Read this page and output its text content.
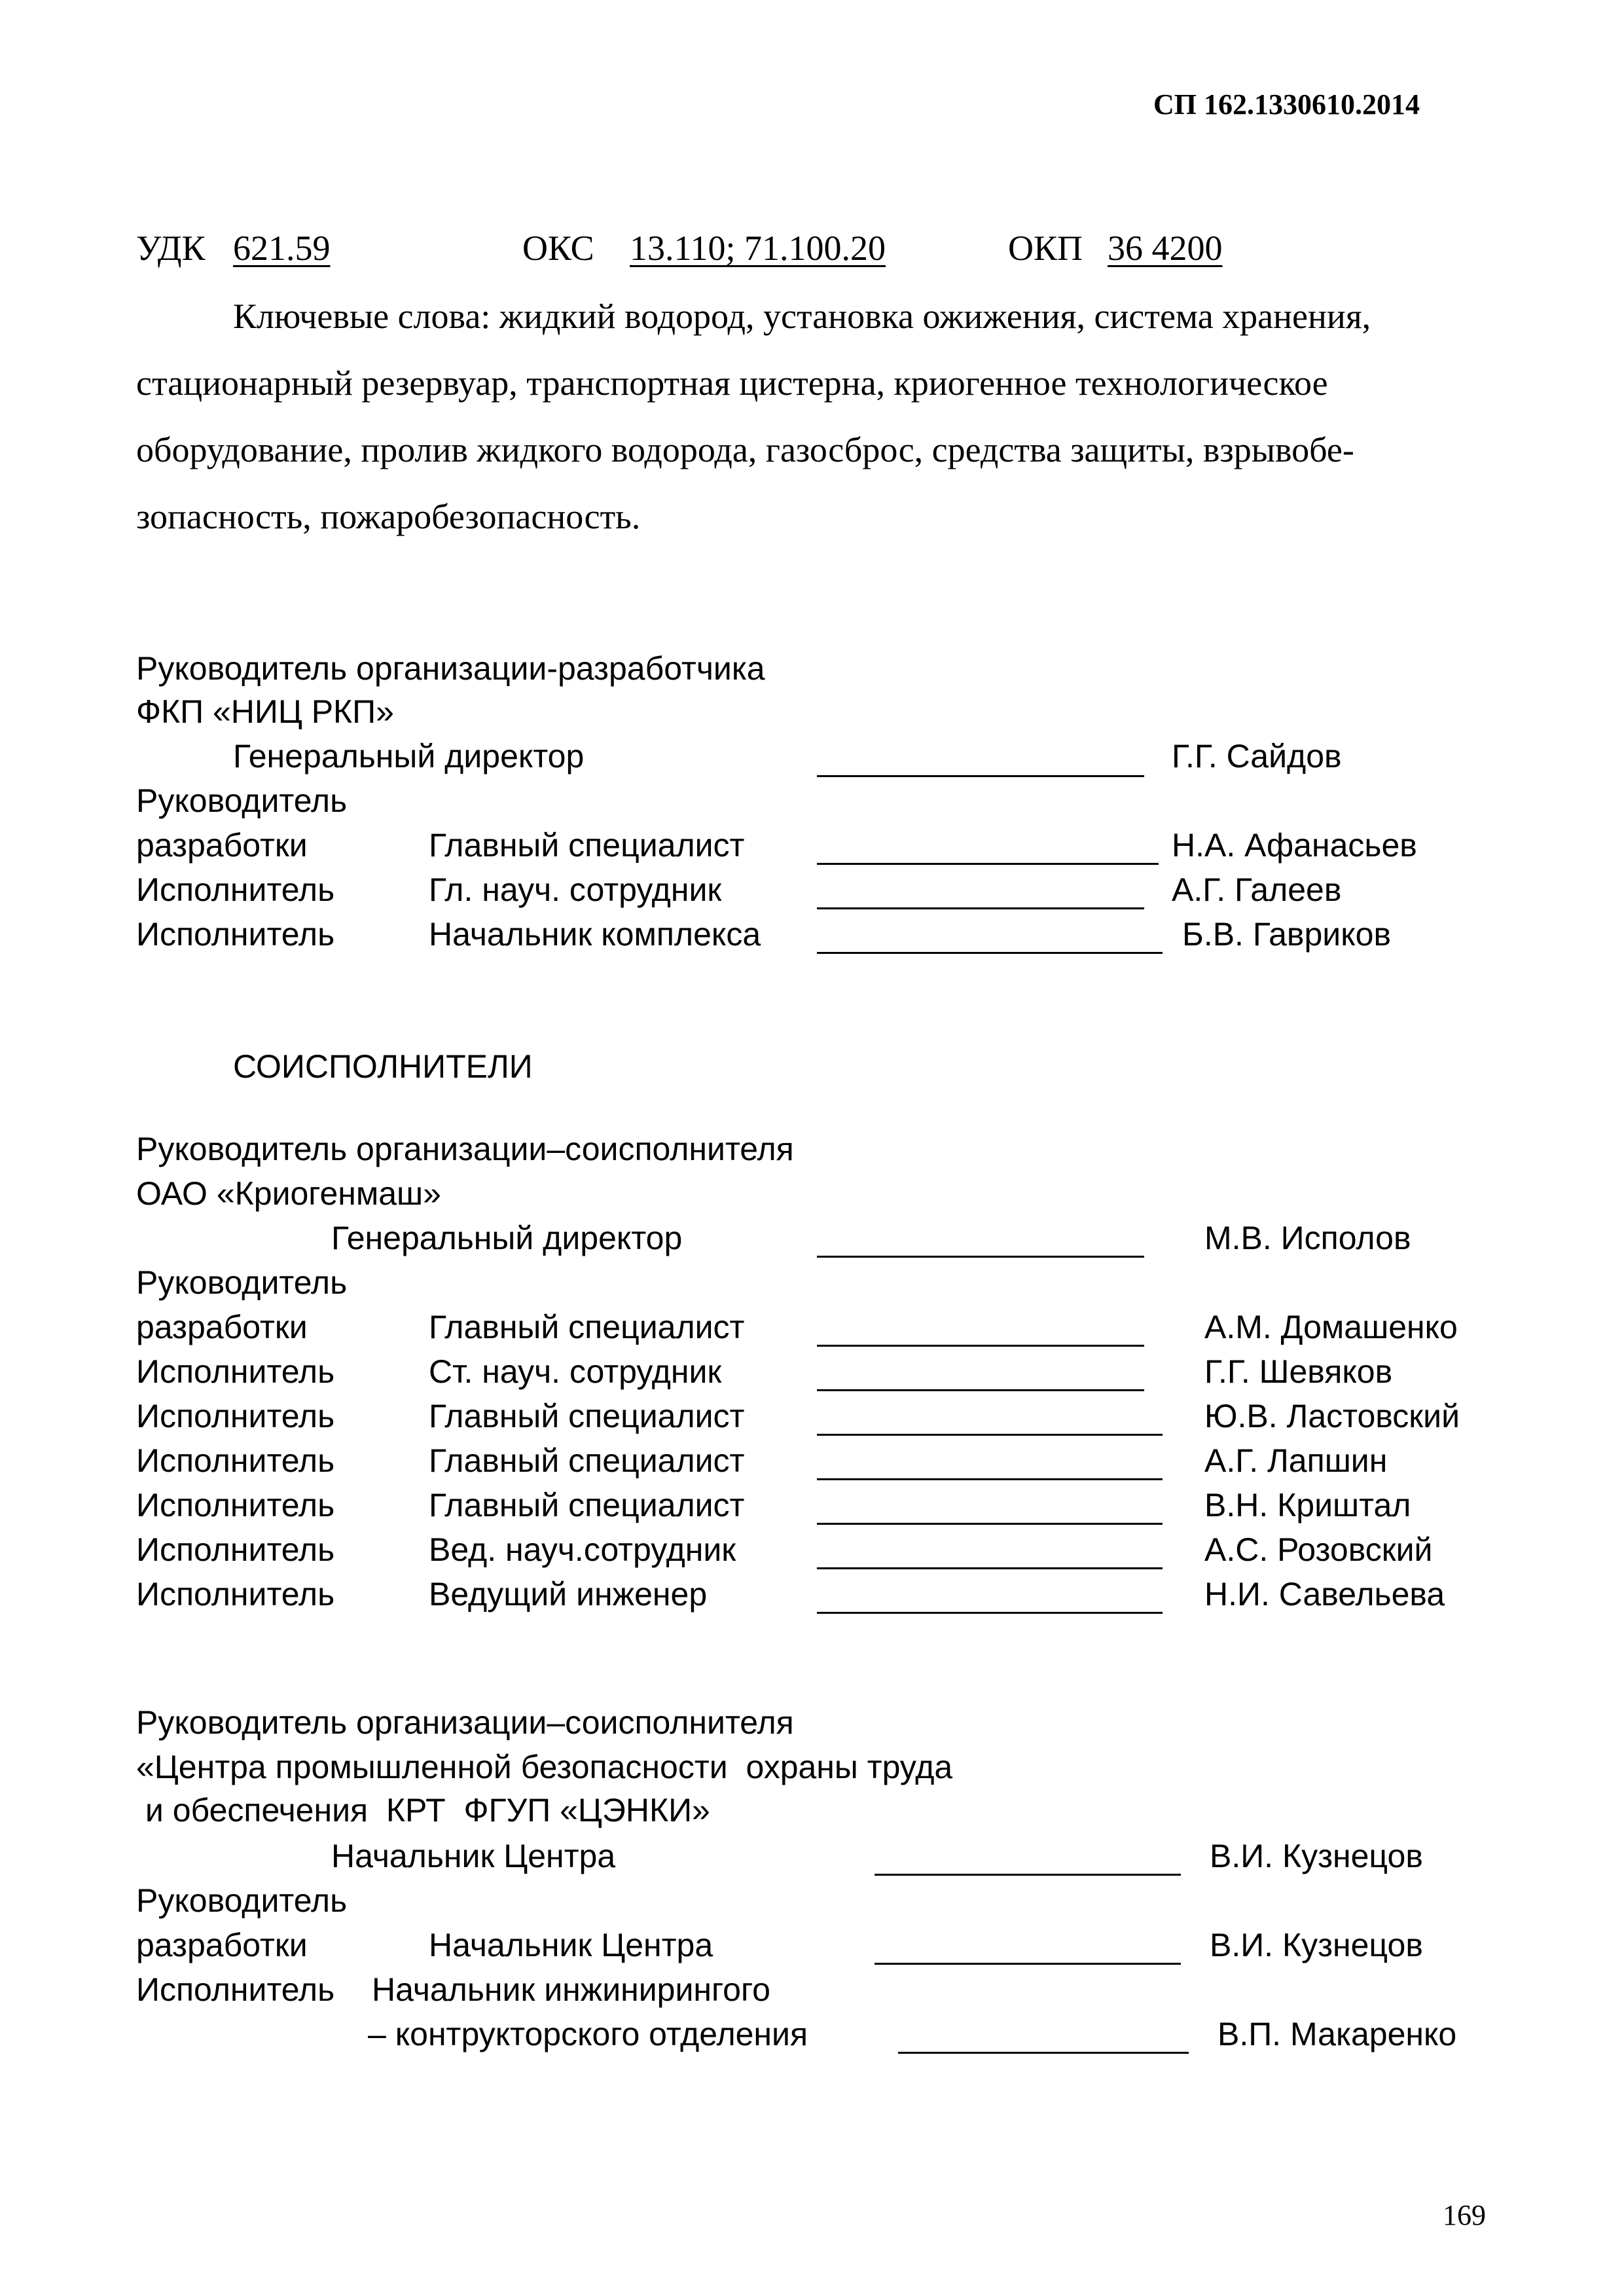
СП 162.1330610.2014
УДК 621.59	ОКС 13.110; 71.100.20	ОКП 36 4200
Ключевые слова: жидкий водород, установка ожижения, система хранения,
стационарный резервуар, транспортная цистерна, криогенное технологическое
оборудование, пролив жидкого водорода, газосброс, средства защиты, взрывобе-
зопасность, пожаробезопасность.
Руководитель организации-разработчика
ФКП «НИЦ РКП»
Генеральный директор	Г.Г. Сайдов
Руководитель
разработки	Главный специалист	Н.А. Афанасьев
Исполнитель	Гл. науч. сотрудник	А.Г. Галеев
Исполнитель	Начальник комплекса	Б.В. Гавриков
СОИСПОЛНИТЕЛИ
Руководитель организации–соисполнителя
ОАО «Криогенмаш»
Генеральный директор	М.В. Исполов
Руководитель
разработки	Главный специалист	А.М. Домашенко
Исполнитель	Ст. науч. сотрудник	Г.Г. Шевяков
Исполнитель	Главный специалист	Ю.В. Ластовский
Исполнитель	Главный специалист	А.Г. Лапшин
Исполнитель	Главный специалист	В.Н. Криштал
Исполнитель	Вед. науч.сотрудник	А.С. Розовский
Исполнитель	Ведущий инженер	Н.И. Савельева
Руководитель организации–соисполнителя
«Центра промышленной безопасности  охраны труда
и обеспечения  КРТ  ФГУП «ЦЭНКИ»
Начальник Центра	В.И. Кузнецов
Руководитель
разработки	Начальник Центра	В.И. Кузнецов
Исполнитель Начальник инжинирингого
– контрукторского отделения	В.П. Макаренко
169
